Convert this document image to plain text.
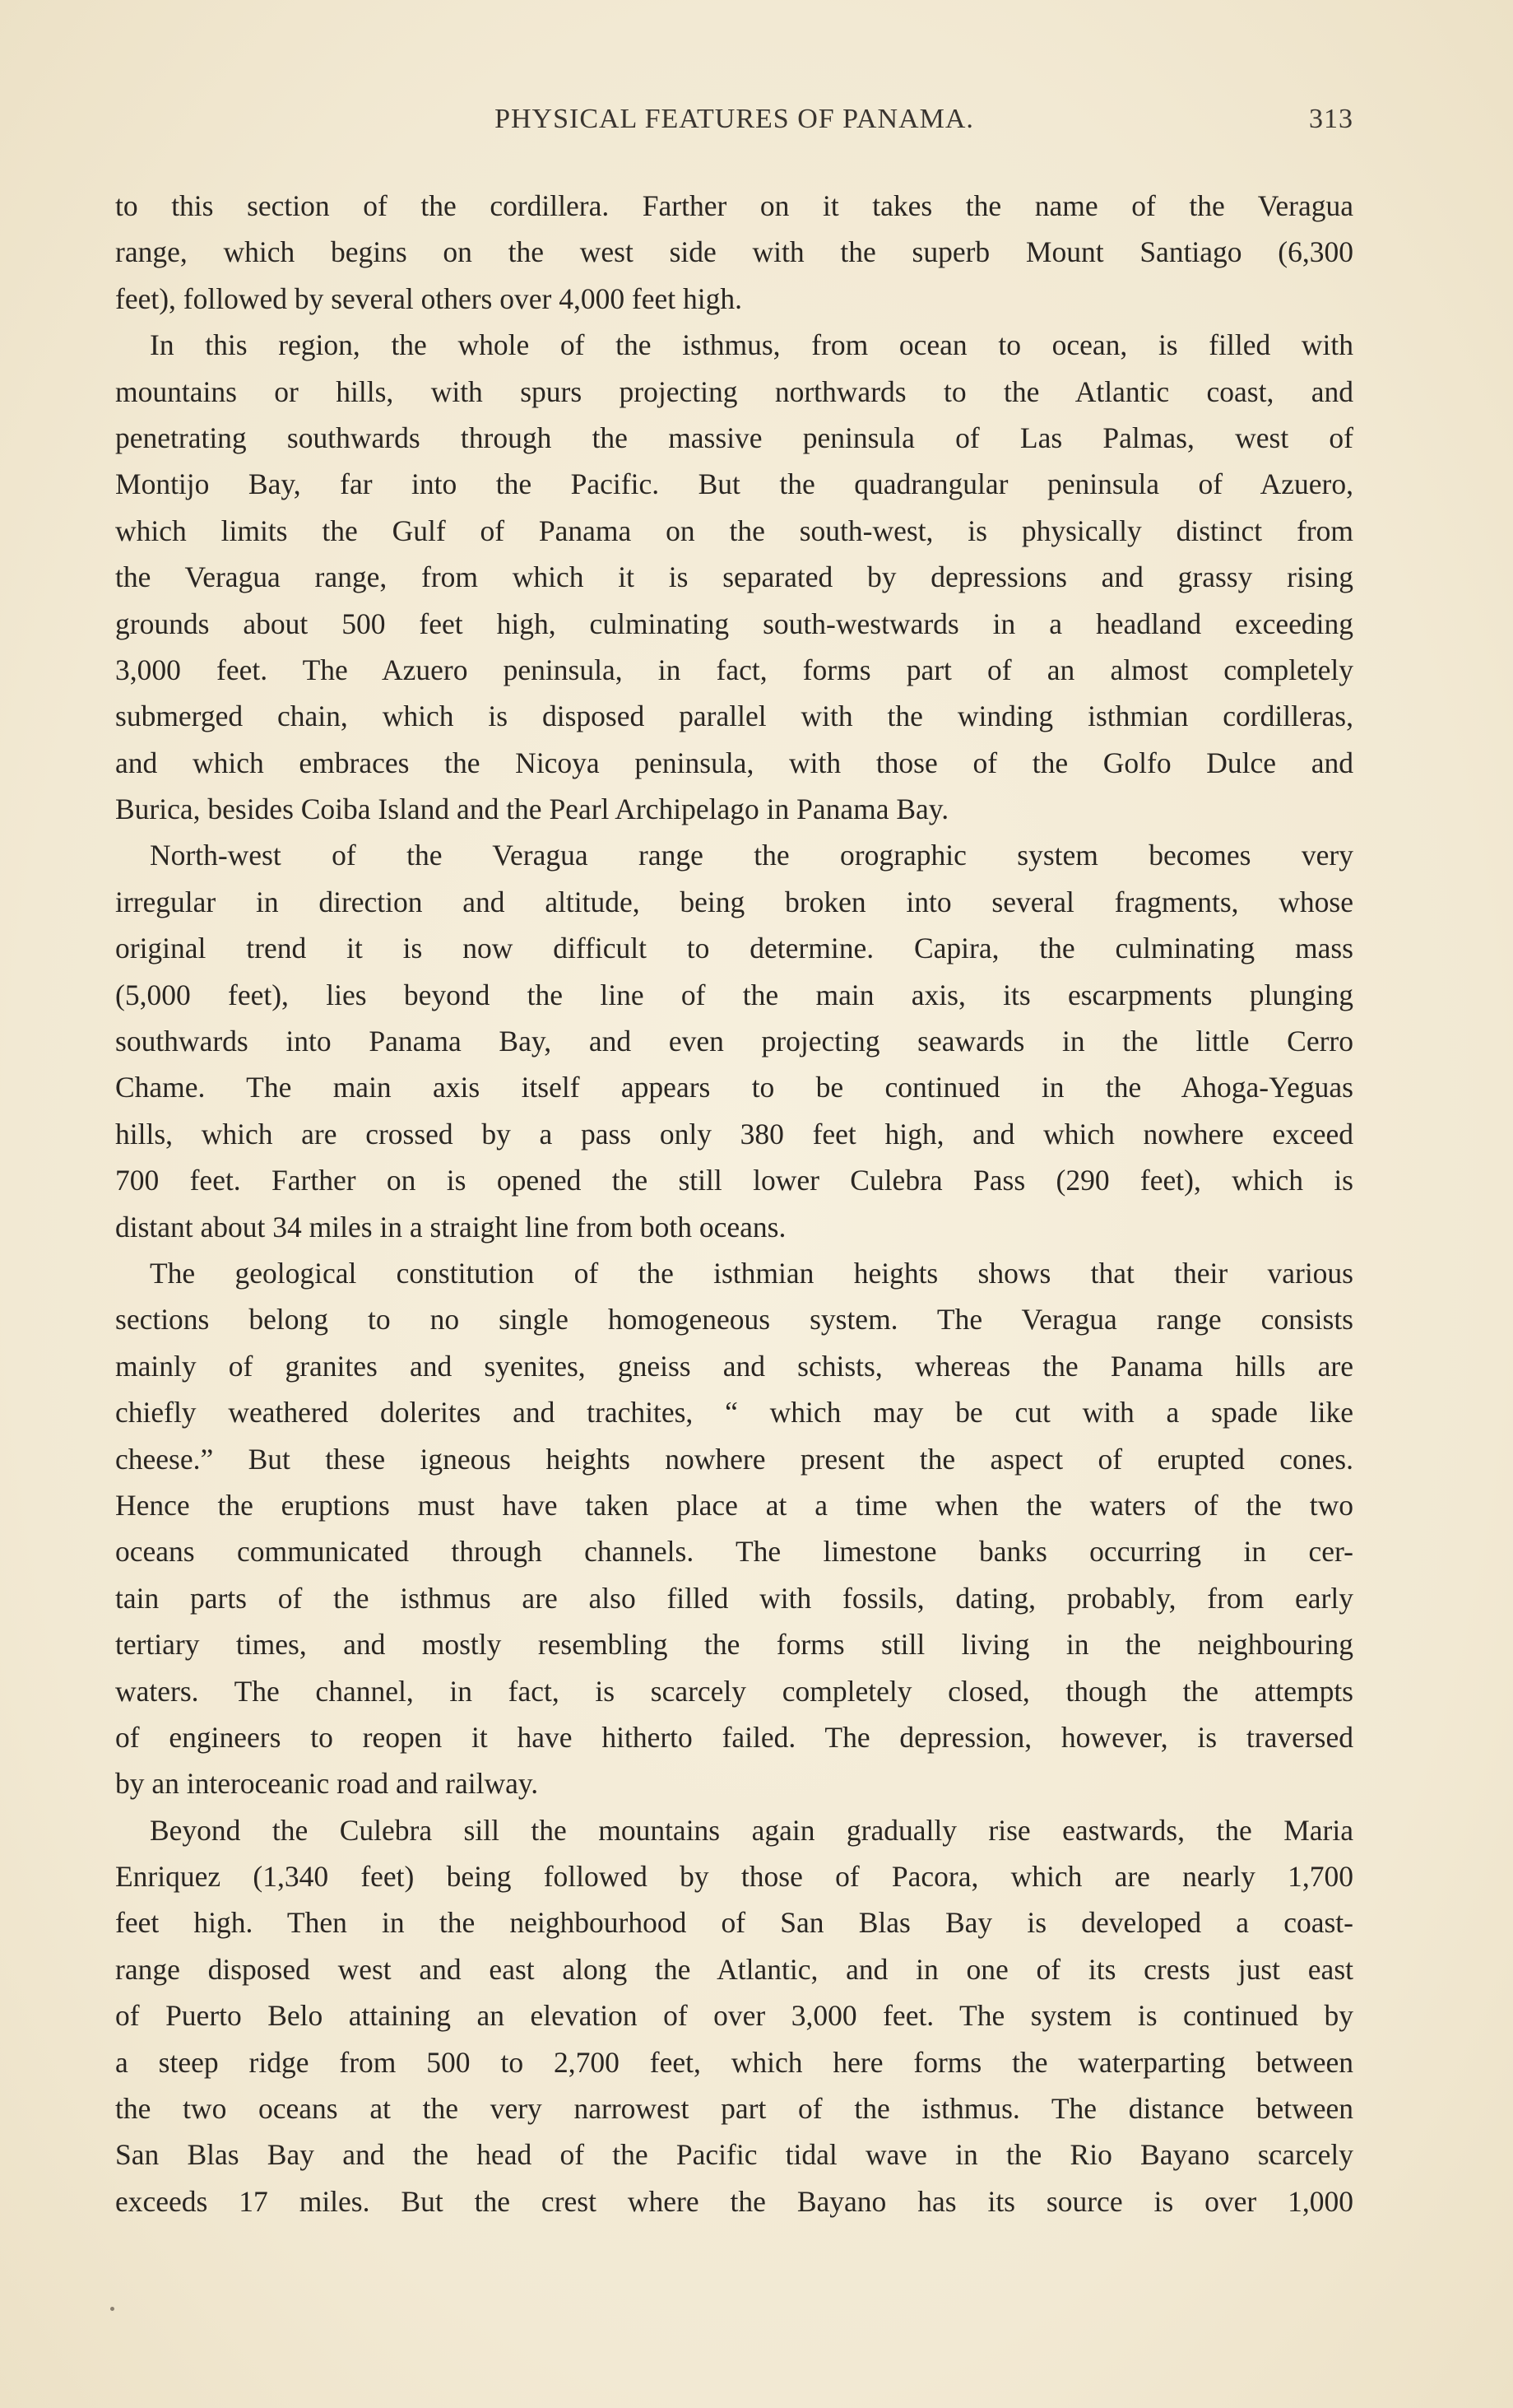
PHYSICAL FEATURES OF PANAMA.	313
to this section of the cordillera. Farther on it takes the name of the Veragua
range, which begins on the west side with the superb Mount Santiago (6,300
feet), followed by several others over 4,000 feet high.
In this region, the whole of the isthmus, from ocean to ocean, is filled with
mountains or hills, with spurs projecting northwards to the Atlantic coast, and
penetrating southwards through the massive peninsula of Las Palmas, west of
Montijo Bay, far into the Pacific. But the quadrangular peninsula of Azuero,
which limits the Gulf of Panama on the south-west, is physically distinct from
the Veragua range, from which it is separated by depressions and grassy rising
grounds about 500 feet high, culminating south-westwards in a headland exceeding
3,000 feet. The Azuero peninsula, in fact, forms part of an almost completely
submerged chain, which is disposed parallel with the winding isthmian cordilleras,
and which embraces the Nicoya peninsula, with those of the Golfo Dulce and
Burica, besides Coiba Island and the Pearl Archipelago in Panama Bay.
North-west of the Veragua range the orographic system becomes very
irregular in direction and altitude, being broken into several fragments, whose
original trend it is now difficult to determine. Capira, the culminating mass
(5,000 feet), lies beyond the line of the main axis, its escarpments plunging
southwards into Panama Bay, and even projecting seawards in the little Cerro
Chame. The main axis itself appears to be continued in the Ahoga-Yeguas
hills, which are crossed by a pass only 380 feet high, and which nowhere exceed
700 feet. Farther on is opened the still lower Culebra Pass (290 feet), which is
distant about 34 miles in a straight line from both oceans.
The geological constitution of the isthmian heights shows that their various
sections belong to no single homogeneous system. The Veragua range consists
mainly of granites and syenites, gneiss and schists, whereas the Panama hills are
chiefly weathered dolerites and trachites, “ which may be cut with a spade like
cheese.” But these igneous heights nowhere present the aspect of erupted cones.
Hence the eruptions must have taken place at a time when the waters of the two
oceans communicated through channels. The limestone banks occurring in cer-
tain parts of the isthmus are also filled with fossils, dating, probably, from early
tertiary times, and mostly resembling the forms still living in the neighbouring
waters. The channel, in fact, is scarcely completely closed, though the attempts
of engineers to reopen it have hitherto failed. The depression, however, is traversed
by an interoceanic road and railway.
Beyond the Culebra sill the mountains again gradually rise eastwards, the Maria
Enriquez (1,340 feet) being followed by those of Pacora, which are nearly 1,700
feet high. Then in the neighbourhood of San Blas Bay is developed a coast-
range disposed west and east along the Atlantic, and in one of its crests just east
of Puerto Belo attaining an elevation of over 3,000 feet. The system is continued by
a steep ridge from 500 to 2,700 feet, which here forms the waterparting between
the two oceans at the very narrowest part of the isthmus. The distance between
San Blas Bay and the head of the Pacific tidal wave in the Rio Bayano scarcely
exceeds 17 miles. But the crest where the Bayano has its source is over 1,000
